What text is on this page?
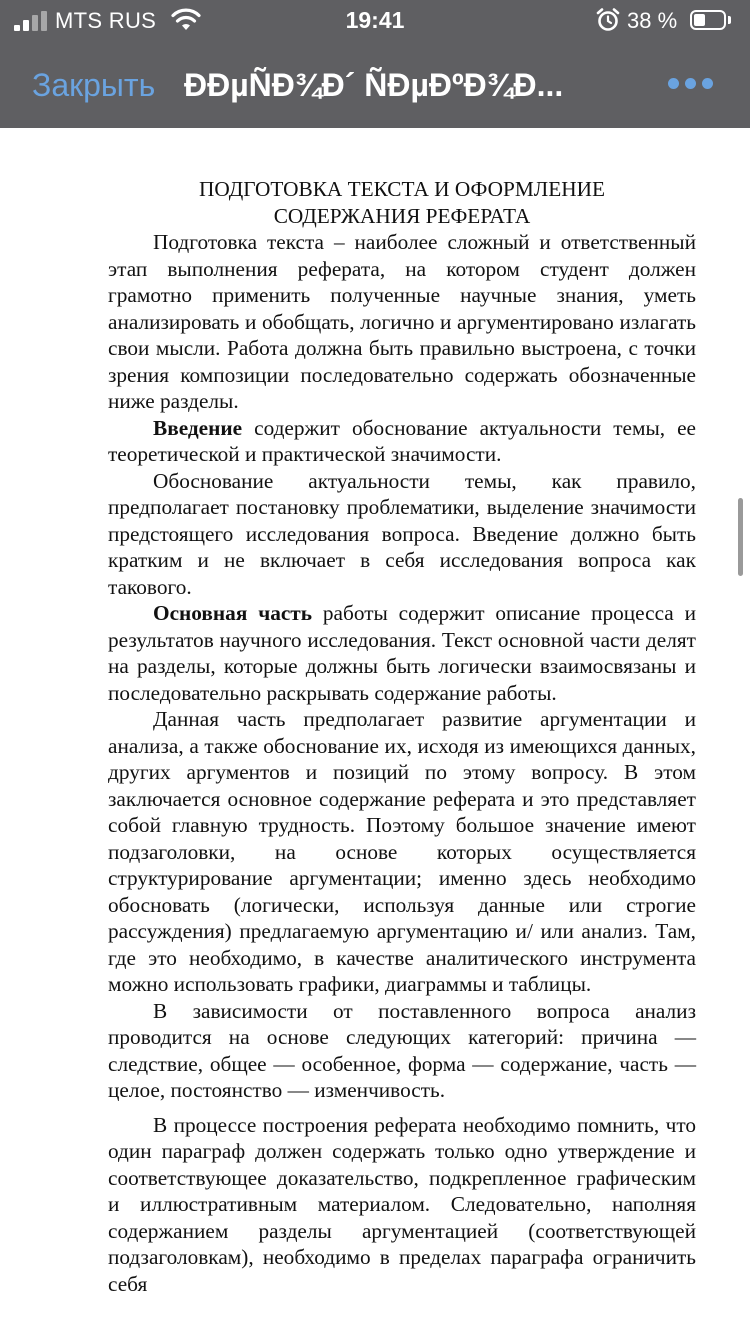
MTS RUS	19:41	38 %
Закрыть ÐÐµÑÐ¾Ð´ ÑÐµÐºÐ¾Ð...

ПОДГОТОВКА ТЕКСТА И ОФОРМЛЕНИЕ

СОДЕРЖАНИЯ РЕФЕРАТА

Подготовка текста – наиболее сложный и ответственный этап выполнения реферата, на котором студент должен грамотно применить полученные научные знания, уметь анализировать и обобщать, логично и аргументировано излагать свои мысли. Работа должна быть правильно выстроена, с точки зрения композиции последовательно содержать обозначенные ниже разделы.

Введение содержит обоснование актуальности темы, ее теоретической и практической значимости.

Обоснование актуальности темы, как правило, предполагает постановку проблематики, выделение значимости предстоящего исследования вопроса. Введение должно быть кратким и не включает в себя исследования вопроса как такового.

Основная часть работы содержит описание процесса и результатов научного исследования. Текст основной части делят на разделы, которые должны быть логически взаимосвязаны и последовательно раскрывать содержание работы.

Данная часть предполагает развитие аргументации и анализа, а также обоснование их, исходя из имеющихся данных, других аргументов и позиций по этому вопросу. В этом заключается основное содержание реферата и это представляет собой главную трудность. Поэтому большое значение имеют подзаголовки, на основе которых осуществляется структурирование аргументации; именно здесь необходимо обосновать (логически, используя данные или строгие рассуждения) предлагаемую аргументацию и/ или анализ. Там, где это необходимо, в качестве аналитического инструмента можно использовать графики, диаграммы и таблицы.

В зависимости от поставленного вопроса анализ проводится на основе следующих категорий: причина — следствие, общее — особенное, форма — содержание, часть — целое, постоянство — изменчивость.

В процессе построения реферата необходимо помнить, что один параграф должен содержать только одно утверждение и соответствующее доказательство, подкрепленное графическим и иллюстративным материалом. Следовательно, наполняя содержанием разделы аргументацией (соответствующей подзаголовкам), необходимо в пределах параграфа ограничить себя
